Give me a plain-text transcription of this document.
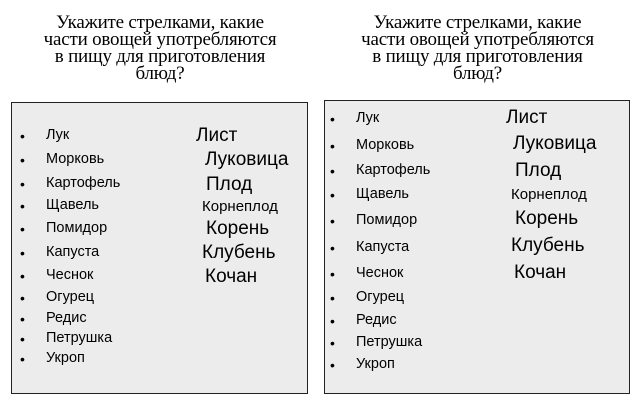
Укажите стрелками, какие
части овощей употребляются
в пищу для приготовления
блюд?
Укажите стрелками, какие
части овощей употребляются
в пищу для приготовления
блюд?
• Лук
• Морковь
• Картофель
• Щавель
• Помидор
• Капуста
• Чеснок
• Огурец
• Редис
• Петрушка
• Укроп
Лист
Луковица
Плод
Корнеплод
Корень
Клубень
Кочан
• Лук
• Морковь
• Картофель
• Щавель
• Помидор
• Капуста
• Чеснок
• Огурец
• Редис
• Петрушка
• Укроп
Лист
Луковица
Плод
Корнеплод
Корень
Клубень
Кочан
